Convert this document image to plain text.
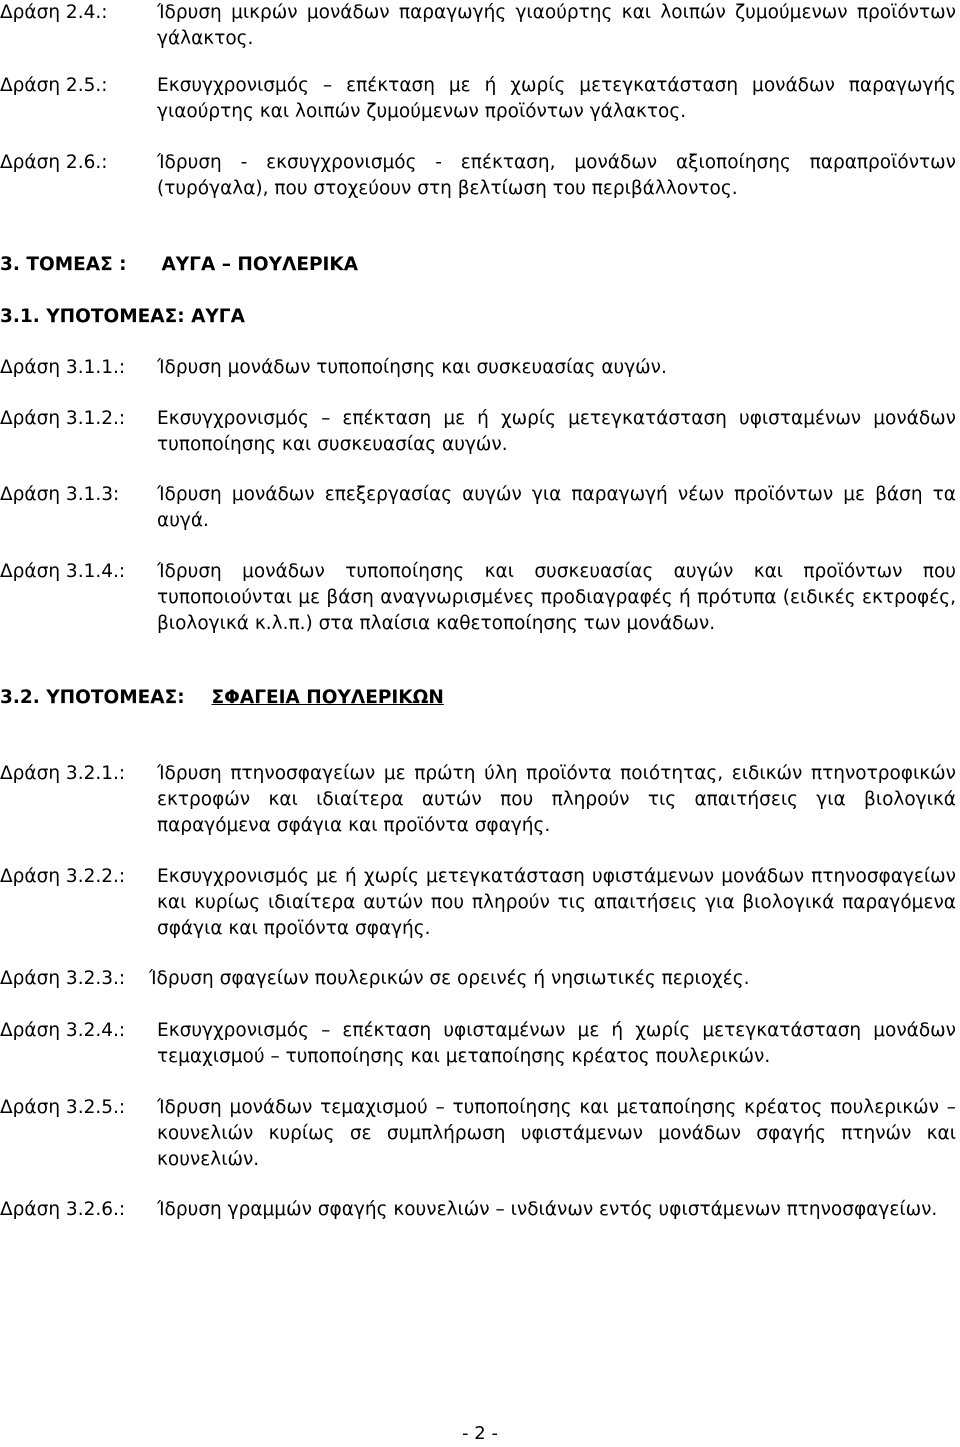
Δράση 2.4.:	Ίδρυση μικρών μονάδων παραγωγής γιαούρτης και λοιπών ζυμούμενων προϊόντων γάλακτος.
Δράση 2.5.:	Εκσυγχρονισμός – επέκταση με ή χωρίς μετεγκατάσταση μονάδων παραγωγής γιαούρτης και λοιπών ζυμούμενων προϊόντων γάλακτος.
Δράση 2.6.:	Ίδρυση - εκσυγχρονισμός - επέκταση, μονάδων αξιοποίησης παραπροϊόντων (τυρόγαλα), που στοχεύουν στη βελτίωση του περιβάλλοντος.
3. ΤΟΜΕΑΣ : ΑΥΓΑ – ΠΟΥΛΕΡΙΚΑ
3.1. ΥΠΟΤΟΜΕΑΣ: ΑΥΓΑ
Δράση 3.1.1.: Ίδρυση μονάδων τυποποίησης και συσκευασίας αυγών.
Δράση 3.1.2.: Εκσυγχρονισμός – επέκταση με ή χωρίς μετεγκατάσταση υφισταμένων μονάδων τυποποίησης και συσκευασίας αυγών.
Δράση 3.1.3: Ίδρυση μονάδων επεξεργασίας αυγών για παραγωγή νέων προϊόντων με βάση τα αυγά.
Δράση 3.1.4.: Ίδρυση μονάδων τυποποίησης και συσκευασίας αυγών και προϊόντων που τυποποιούνται με βάση αναγνωρισμένες προδιαγραφές ή πρότυπα (ειδικές εκτροφές, βιολογικά κ.λ.π.) στα πλαίσια καθετοποίησης των μονάδων.
3.2. ΥΠΟΤΟΜΕΑΣ: ΣΦΑΓΕΙΑ ΠΟΥΛΕΡΙΚΩΝ
Δράση 3.2.1.: Ίδρυση πτηνοσφαγείων με πρώτη ύλη προϊόντα ποιότητας, ειδικών πτηνοτροφικών εκτροφών και ιδιαίτερα αυτών που πληρούν τις απαιτήσεις για βιολογικά παραγόμενα σφάγια και προϊόντα σφαγής.
Δράση 3.2.2.: Εκσυγχρονισμός με ή χωρίς μετεγκατάσταση υφιστάμενων μονάδων πτηνοσφαγείων και κυρίως ιδιαίτερα αυτών που πληρούν τις απαιτήσεις για βιολογικά παραγόμενα σφάγια και προϊόντα σφαγής.
Δράση 3.2.3.: Ίδρυση σφαγείων πουλερικών σε ορεινές ή νησιωτικές περιοχές.
Δράση 3.2.4.: Εκσυγχρονισμός – επέκταση υφισταμένων με ή χωρίς μετεγκατάσταση μονάδων τεμαχισμού – τυποποίησης και μεταποίησης κρέατος πουλερικών.
Δράση 3.2.5.: Ίδρυση μονάδων τεμαχισμού – τυποποίησης και μεταποίησης κρέατος πουλερικών – κουνελιών κυρίως σε συμπλήρωση υφιστάμενων μονάδων σφαγής πτηνών και κουνελιών.
Δράση 3.2.6.: Ίδρυση γραμμών σφαγής κουνελιών – ινδιάνων εντός υφιστάμενων πτηνοσφαγείων.
- 2 -
